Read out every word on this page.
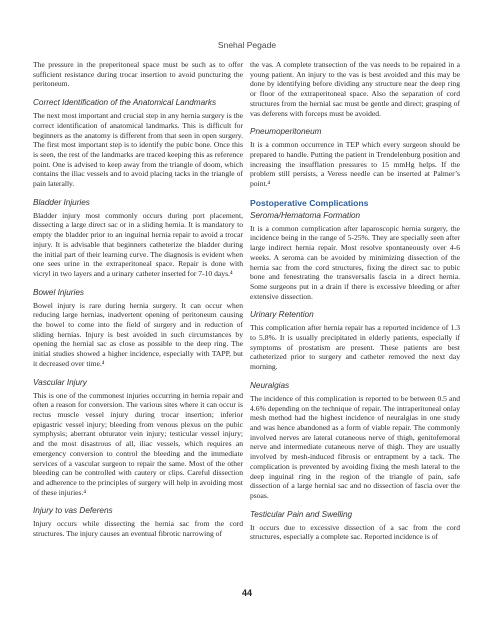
Snehal Pegade

The pressure in the preperitoneal space must be such as to offer sufficient resistance during trocar insertion to avoid puncturing the peritoneum.

Correct Identification of the Anatomical Landmarks

The next most important and crucial step in any hernia surgery is the correct identification of anatomical landmarks. This is difficult for beginners as the anatomy is different from that seen in open surgery. The first most important step is to identify the pubic bone. Once this is seen, the rest of the landmarks are traced keeping this as reference point. One is advised to keep away from the triangle of doom, which contains the iliac vessels and to avoid placing tacks in the triangle of pain laterally.

Bladder Injuries

Bladder injury most commonly occurs during port placement, dissecting a large direct sac or in a sliding hernia. It is mandatory to empty the bladder prior to an inguinal hernia repair to avoid a trocar injury. It is advisable that beginners catheterize the bladder during the initial part of their learning curve. The diagnosis is evident when one sees urine in the extraperitoneal space. Repair is done with vicryl in two layers and a urinary catheter inserted for 7-10 days.⁴

Bowel Injuries

Bowel injury is rare during hernia surgery. It can occur when reducing large hernias, inadvertent opening of peritoneum causing the bowel to come into the field of surgery and in reduction of sliding hernias. Injury is best avoided in such circumstances by opening the hernial sac as close as possible to the deep ring. The initial studies showed a higher incidence, especially with TAPP, but it decreased over time.⁴

Vascular Injury

This is one of the commonest injuries occurring in hernia repair and often a reason for conversion. The various sites where it can occur is rectus muscle vessel injury during trocar insertion; inferior epigastric vessel injury; bleeding from venous plexus on the pubic symphysis; aberrant obturator vein injury; testicular vessel injury; and the most disastrous of all, iliac vessels, which requires an emergency conversion to control the bleeding and the immediate services of a vascular surgeon to repair the same. Most of the other bleeding can be controlled with cautery or clips. Careful dissection and adherence to the principles of surgery will help in avoiding most of these injuries.⁴

Injury to vas Deferens

Injury occurs while dissecting the hernia sac from the cord structures. The injury causes an eventual fibrotic narrowing of

the vas. A complete transection of the vas needs to be repaired in a young patient. An injury to the vas is best avoided and this may be done by identifying before dividing any structure near the deep ring or floor of the extraperitoneal space. Also the separation of cord structures from the hernial sac must be gentle and direct; grasping of vas deferens with forceps must be avoided.

Pneumoperitoneum

It is a common occurrence in TEP which every surgeon should be prepared to handle. Putting the patient in Trendelenburg position and increasing the insufflation pressures to 15 mmHg helps. If the problem still persists, a Veress needle can be inserted at Palmer’s point.⁴

Postoperative Complications
Seroma/Hematoma Formation

It is a common complication after laparoscopic hernia surgery, the incidence being in the range of 5-25%. They are specially seen after large indirect hernia repair. Most resolve spontaneously over 4-6 weeks. A seroma can be avoided by minimizing dissection of the hernia sac from the cord structures, fixing the direct sac to pubic bone and fenestrating the transversalis fascia in a direct hernia. Some surgeons put in a drain if there is excessive bleeding or after extensive dissection.

Urinary Retention

This complication after hernia repair has a reported incidence of 1.3 to 5.8%. It is usually precipitated in elderly patients, especially if symptoms of prostatism are present. These patients are best catheterized prior to surgery and catheter removed the next day morning.

Neuralgias

The incidence of this complication is reported to be between 0.5 and 4.6% depending on the technique of repair. The intraperitoneal onlay mesh method had the highest incidence of neuralgias in one study and was hence abandoned as a form of viable repair. The commonly involved nerves are lateral cutaneous nerve of thigh, genitofemoral nerve and intermediate cutaneous nerve of thigh. They are usually involved by mesh-induced fibrosis or entrapment by a tack. The complication is prevented by avoiding fixing the mesh lateral to the deep inguinal ring in the region of the triangle of pain, safe dissection of a large hernial sac and no dissection of fascia over the psoas.

Testicular Pain and Swelling

It occurs due to excessive dissection of a sac from the cord structures, especially a complete sac. Reported incidence is of

44
